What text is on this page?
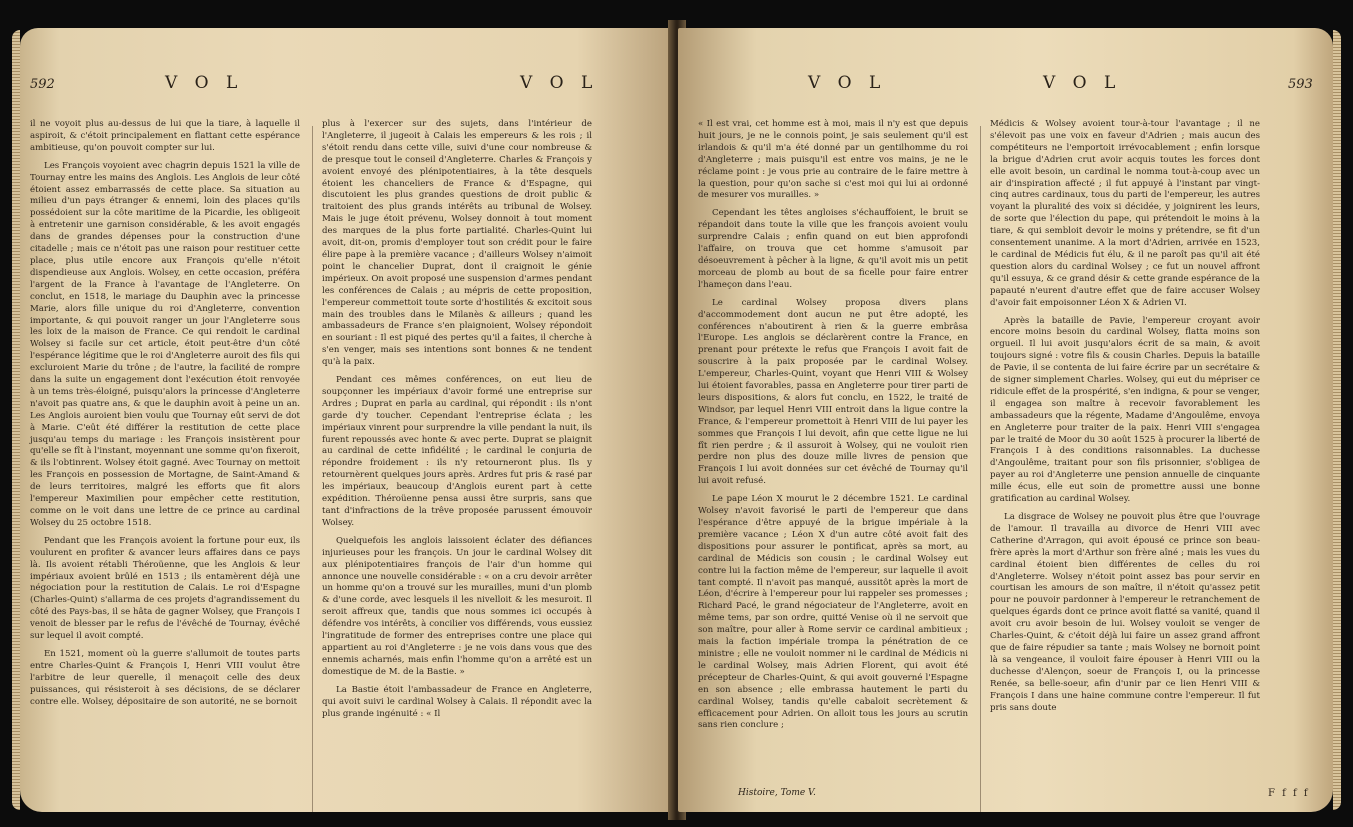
592	V O L	V O L

il ne voyoit plus au-dessus de lui que la tiare, à laquelle il aspiroit, & c'étoit principalement en flattant cette espérance ambitieuse, qu'on pouvoit compter sur lui.

Les François voyoient avec chagrin depuis 1521 la ville de Tournay entre les mains des Anglois. Les Anglois de leur côté étoient assez embarrassés de cette place. Sa situation au milieu d'un pays étranger & ennemi, loin des places qu'ils possédoient sur la côte maritime de la Picardie, les obligeoit à entretenir une garnison considérable, & les avoit engagés dans de grandes dépenses pour la construction d'une citadelle ; mais ce n'étoit pas une raison pour restituer cette place, plus utile encore aux François qu'elle n'étoit dispendieuse aux Anglois. Wolsey, en cette occasion, préféra l'argent de la France à l'avantage de l'Angleterre. On conclut, en 1518, le mariage du Dauphin avec la princesse Marie, alors fille unique du roi d'Angleterre, convention importante, & qui pouvoit ranger un jour l'Angleterre sous les loix de la maison de France. Ce qui rendoit le cardinal Wolsey si facile sur cet article, étoit peut-être d'un côté l'espérance légitime que le roi d'Angleterre auroit des fils qui excluroient Marie du trône ; de l'autre, la facilité de rompre dans la suite un engagement dont l'exécution étoit renvoyée à un tems très-éloigné, puisqu'alors la princesse d'Angleterre n'avoit pas quatre ans, & que le dauphin avoit à peine un an. Les Anglois auroient bien voulu que Tournay eût servi de dot à Marie. C'eût été différer la restitution de cette place jusqu'au temps du mariage : les François insistèrent pour qu'elle se fît à l'instant, moyennant une somme qu'on fixeroit, & ils l'obtinrent. Wolsey étoit gagné. Avec Tournay on mettoit les François en possession de Mortagne, de Saint-Amand & de leurs territoires, malgré les efforts que fit alors l'empereur Maximilien pour empêcher cette restitution, comme on le voit dans une lettre de ce prince au cardinal Wolsey du 25 octobre 1518.

Pendant que les François avoient la fortune pour eux, ils voulurent en profiter & avancer leurs affaires dans ce pays là. Ils avoient rétabli Théroüenne, que les Anglois & leur impériaux avoient brûlé en 1513 ; ils entamèrent déjà une négociation pour la restitution de Calais. Le roi d'Espagne (Charles-Quint) s'allarma de ces projets d'agrandissement du côté des Pays-bas, il se hâta de gagner Wolsey, que François I venoit de blesser par le refus de l'évêché de Tournay, évêché sur lequel il avoit compté.

En 1521, moment où la guerre s'allumoit de toutes parts entre Charles-Quint & François I, Henri VIII voulut être l'arbitre de leur querelle, il menaçoit celle des deux puissances, qui résisteroit à ses décisions, de se déclarer contre elle. Wolsey, dépositaire de son autorité, ne se bornoit

plus à l'exercer sur des sujets, dans l'intérieur de l'Angleterre, il jugeoit à Calais les empereurs & les rois ; il s'étoit rendu dans cette ville, suivi d'une cour nombreuse & de presque tout le conseil d'Angleterre. Charles & François y avoient envoyé des plénipotentiaires, à la tête desquels étoient les chanceliers de France & d'Espagne, qui discutoient les plus grandes questions de droit public & traitoient des plus grands intérêts au tribunal de Wolsey. Mais le juge étoit prévenu, Wolsey donnoit à tout moment des marques de la plus forte partialité. Charles-Quint lui avoit, dit-on, promis d'employer tout son crédit pour le faire élire pape à la première vacance ; d'ailleurs Wolsey n'aimoit point le chancelier Duprat, dont il craignoit le génie impérieux. On avoit proposé une suspension d'armes pendant les conférences de Calais ; au mépris de cette proposition, l'empereur commettoit toute sorte d'hostilités & excitoit sous main des troubles dans le Milanès & ailleurs ; quand les ambassadeurs de France s'en plaignoient, Wolsey répondoit en souriant : Il est piqué des pertes qu'il a faites, il cherche à s'en venger, mais ses intentions sont bonnes & ne tendent qu'à la paix.

Pendant ces mêmes conférences, on eut lieu de soupçonner les impériaux d'avoir formé une entreprise sur Ardres ; Duprat en parla au cardinal, qui répondit : ils n'ont garde d'y toucher. Cependant l'entreprise éclata ; les impériaux vinrent pour surprendre la ville pendant la nuit, ils furent repoussés avec honte & avec perte. Duprat se plaignit au cardinal de cette infidélité ; le cardinal le conjuria de répondre froidement : ils n'y retourneront plus. Ils y retournèrent quelques jours après. Ardres fut pris & rasé par les impériaux, beaucoup d'Anglois eurent part à cette expédition. Théroüenne pensa aussi être surpris, sans que tant d'infractions de la trêve proposée parussent émouvoir Wolsey.

Quelquefois les anglois laissoient éclater des défiances injurieuses pour les françois. Un jour le cardinal Wolsey dit aux plénipotentiaires françois de l'air d'un homme qui annonce une nouvelle considérable : « on a cru devoir arrêter un homme qu'on a trouvé sur les murailles, muni d'un plomb & d'une corde, avec lesquels il les nivelloit & les mesuroit. Il seroit affreux que, tandis que nous sommes ici occupés à défendre vos intérêts, à concilier vos différends, vous eussiez l'ingratitude de former des entreprises contre une place qui appartient au roi d'Angleterre : je ne vois dans vous que des ennemis acharnés, mais enfin l'homme qu'on a arrêté est un domestique de M. de la Bastie. »

La Bastie étoit l'ambassadeur de France en Angleterre, qui avoit suivi le cardinal Wolsey à Calais. Il répondit avec la plus grande ingénuité : « Il

V O L	V O L	593

« Il est vrai, cet homme est à moi, mais il n'y est que depuis huit jours, je ne le connois point, je sais seulement qu'il est irlandois & qu'il m'a été donné par un gentilhomme du roi d'Angleterre ; mais puisqu'il est entre vos mains, je ne le réclame point : je vous prie au contraire de le faire mettre à la question, pour qu'on sache si c'est moi qui lui ai ordonné de mesurer vos murailles. »

Cependant les têtes angloises s'échauffoient, le bruit se répandoit dans toute la ville que les françois avoient voulu surprendre Calais ; enfin quand on eut bien approfondi l'affaire, on trouva que cet homme s'amusoit par désoeuvrement à pêcher à la ligne, & qu'il avoit mis un petit morceau de plomb au bout de sa ficelle pour faire entrer l'hameçon dans l'eau.

Le cardinal Wolsey proposa divers plans d'accommodement dont aucun ne put être adopté, les conférences n'aboutirent à rien & la guerre embrâsa l'Europe. Les anglois se déclarèrent contre la France, en prenant pour prétexte le refus que François I avoit fait de souscrire à la paix proposée par le cardinal Wolsey. L'empereur, Charles-Quint, voyant que Henri VIII & Wolsey lui étoient favorables, passa en Angleterre pour tirer parti de leurs dispositions, & alors fut conclu, en 1522, le traité de Windsor, par lequel Henri VIII entroit dans la ligue contre la France, & l'empereur promettoit à Henri VIII de lui payer les sommes que François I lui devoit, afin que cette ligue ne lui fît rien perdre ; & il assuroit à Wolsey, qui ne vouloit rien perdre non plus des douze mille livres de pension que François I lui avoit données sur cet évêché de Tournay qu'il lui avoit refusé.

Le pape Léon X mourut le 2 décembre 1521. Le cardinal Wolsey n'avoit favorisé le parti de l'empereur que dans l'espérance d'être appuyé de la brigue impériale à la première vacance ; Léon X d'un autre côté avoit fait des dispositions pour assurer le pontificat, après sa mort, au cardinal de Médicis son cousin ; le cardinal Wolsey eut contre lui la faction même de l'empereur, sur laquelle il avoit tant compté. Il n'avoit pas manqué, aussitôt après la mort de Léon, d'écrire à l'empereur pour lui rappeler ses promesses ; Richard Pacé, le grand négociateur de l'Angleterre, avoit en même tems, par son ordre, quitté Venise où il ne servoit que son maître, pour aller à Rome servir ce cardinal ambitieux ; mais la faction impériale trompa la pénétration de ce ministre ; elle ne vouloit nommer ni le cardinal de Médicis ni le cardinal Wolsey, mais Adrien Florent, qui avoit été précepteur de Charles-Quint, & qui avoit gouverné l'Espagne en son absence ; elle embrassa hautement le parti du cardinal Wolsey, tandis qu'elle cabaloit secrètement & efficacement pour Adrien. On alloit tous les jours au scrutin sans rien conclure ;

Médicis & Wolsey avoient tour-à-tour l'avantage ; il ne s'élevoit pas une voix en faveur d'Adrien ; mais aucun des compétiteurs ne l'emportoit irrévocablement ; enfin lorsque la brigue d'Adrien crut avoir acquis toutes les forces dont elle avoit besoin, un cardinal le nomma tout-à-coup avec un air d'inspiration affecté ; il fut appuyé à l'instant par vingt-cinq autres cardinaux, tous du parti de l'empereur, les autres voyant la pluralité des voix si décidée, y joignirent les leurs, de sorte que l'élection du pape, qui prétendoit le moins à la tiare, & qui sembloit devoir le moins y prétendre, se fit d'un consentement unanime. A la mort d'Adrien, arrivée en 1523, le cardinal de Médicis fut élu, & il ne paroît pas qu'il ait été question alors du cardinal Wolsey ; ce fut un nouvel affront qu'il essuya, & ce grand désir & cette grande espérance de la papauté n'eurent d'autre effet que de faire accuser Wolsey d'avoir fait empoisonner Léon X & Adrien VI.

Après la bataille de Pavie, l'empereur croyant avoir encore moins besoin du cardinal Wolsey, flatta moins son orgueil. Il lui avoit jusqu'alors écrit de sa main, & avoit toujours signé : votre fils & cousin Charles. Depuis la bataille de Pavie, il se contenta de lui faire écrire par un secrétaire & de signer simplement Charles. Wolsey, qui eut du mépriser ce ridicule effet de la prospérité, s'en indigna, & pour se venger, il engagea son maître à recevoir favorablement les ambassadeurs que la régente, Madame d'Angoulême, envoya en Angleterre pour traiter de la paix. Henri VIII s'engagea par le traité de Moor du 30 août 1525 à procurer la liberté de François I à des conditions raisonnables. La duchesse d'Angoulême, traitant pour son fils prisonnier, s'obligea de payer au roi d'Angleterre une pension annuelle de cinquante mille écus, elle eut soin de promettre aussi une bonne gratification au cardinal Wolsey.

La disgrace de Wolsey ne pouvoit plus être que l'ouvrage de l'amour. Il travailla au divorce de Henri VIII avec Catherine d'Arragon, qui avoit épousé ce prince son beau-frère après la mort d'Arthur son frère aîné ; mais les vues du cardinal étoient bien différentes de celles du roi d'Angleterre. Wolsey n'étoit point assez bas pour servir en courtisan les amours de son maître, il n'étoit qu'assez petit pour ne pouvoir pardonner à l'empereur le retranchement de quelques égards dont ce prince avoit flatté sa vanité, quand il avoit cru avoir besoin de lui. Wolsey vouloit se venger de Charles-Quint, & c'étoit déjà lui faire un assez grand affront que de faire répudier sa tante ; mais Wolsey ne bornoit point là sa vengeance, il vouloit faire épouser à Henri VIII ou la duchesse d'Alençon, soeur de François I, ou la princesse Renée, sa belle-soeur, afin d'unir par ce lien Henri VIII & François I dans une haine commune contre l'empereur. Il fut pris sans doute

Histoire, Tome V.	F f f f
